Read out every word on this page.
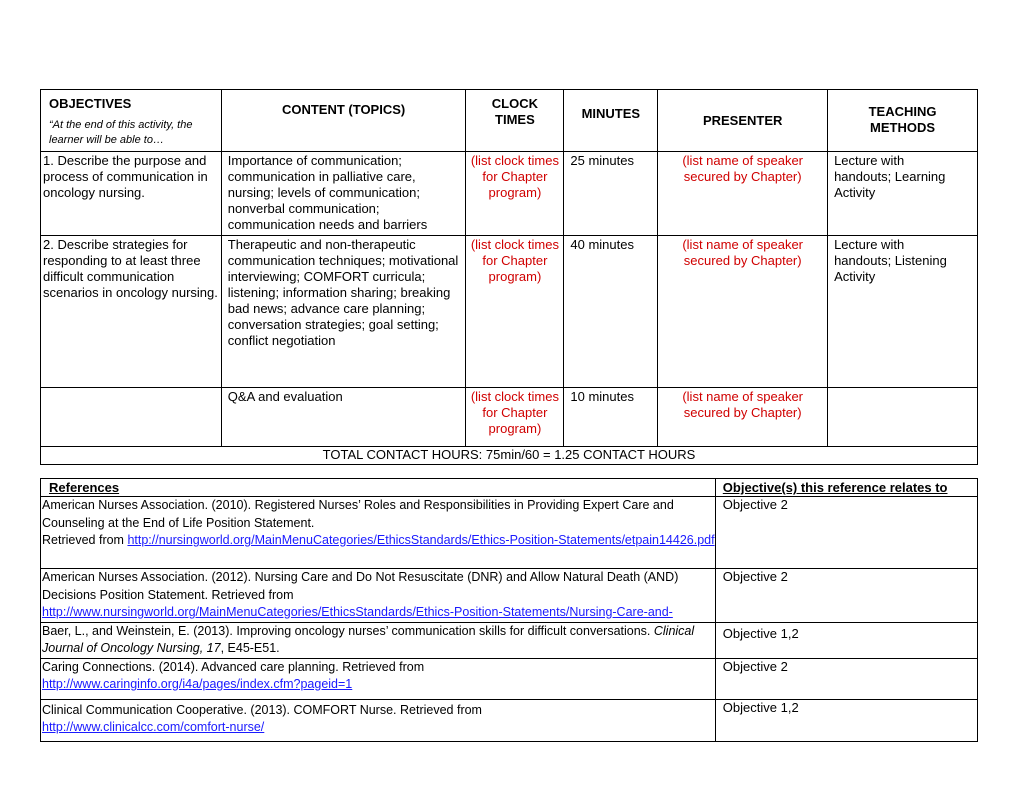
OBJECTIVES
“At the end of this activity, the learner will be able to…	CONTENT (TOPICS)	CLOCK TIMES	MINUTES	PRESENTER	TEACHING METHODS
1. Describe the purpose and process of communication in oncology nursing.	Importance of communication; communication in palliative care, nursing; levels of communication; nonverbal communication; communication needs and barriers	(list clock times for Chapter program)	25 minutes	(list name of speaker secured by Chapter)	Lecture with handouts; Learning Activity
2. Describe strategies for responding to at least three difficult communication scenarios in oncology nursing.	Therapeutic and non-therapeutic communication techniques; motivational interviewing; COMFORT curricula; listening; information sharing; breaking bad news; advance care planning; conversation strategies; goal setting; conflict negotiation	(list clock times for Chapter program)	40 minutes	(list name of speaker secured by Chapter)	Lecture with handouts; Listening Activity
	Q&A and evaluation	(list clock times for Chapter program)	10 minutes	(list name of speaker secured by Chapter)	
TOTAL CONTACT HOURS: 75min/60 = 1.25 CONTACT HOURS					
References	Objective(s) this reference relates to
American Nurses Association. (2010). Registered Nurses’ Roles and Responsibilities in Providing Expert Care and Counseling at the End of Life Position Statement.
Retrieved from http://nursingworld.org/MainMenuCategories/EthicsStandards/Ethics-Position-Statements/etpain14426.pdf	Objective 2
American Nurses Association. (2012). Nursing Care and Do Not Resuscitate (DNR) and Allow Natural Death (AND) Decisions Position Statement. Retrieved from
http://www.nursingworld.org/MainMenuCategories/EthicsStandards/Ethics-Position-Statements/Nursing-Care-and-	Objective 2
Baer, L., and Weinstein, E. (2013). Improving oncology nurses’ communication skills for difficult conversations. Clinical Journal of Oncology Nursing, 17, E45-E51.	Objective 1,2
Caring Connections. (2014). Advanced care planning. Retrieved from
http://www.caringinfo.org/i4a/pages/index.cfm?pageid=1	Objective 2
Clinical Communication Cooperative. (2013). COMFORT Nurse. Retrieved from
http://www.clinicalcc.com/comfort-nurse/	Objective 1,2
